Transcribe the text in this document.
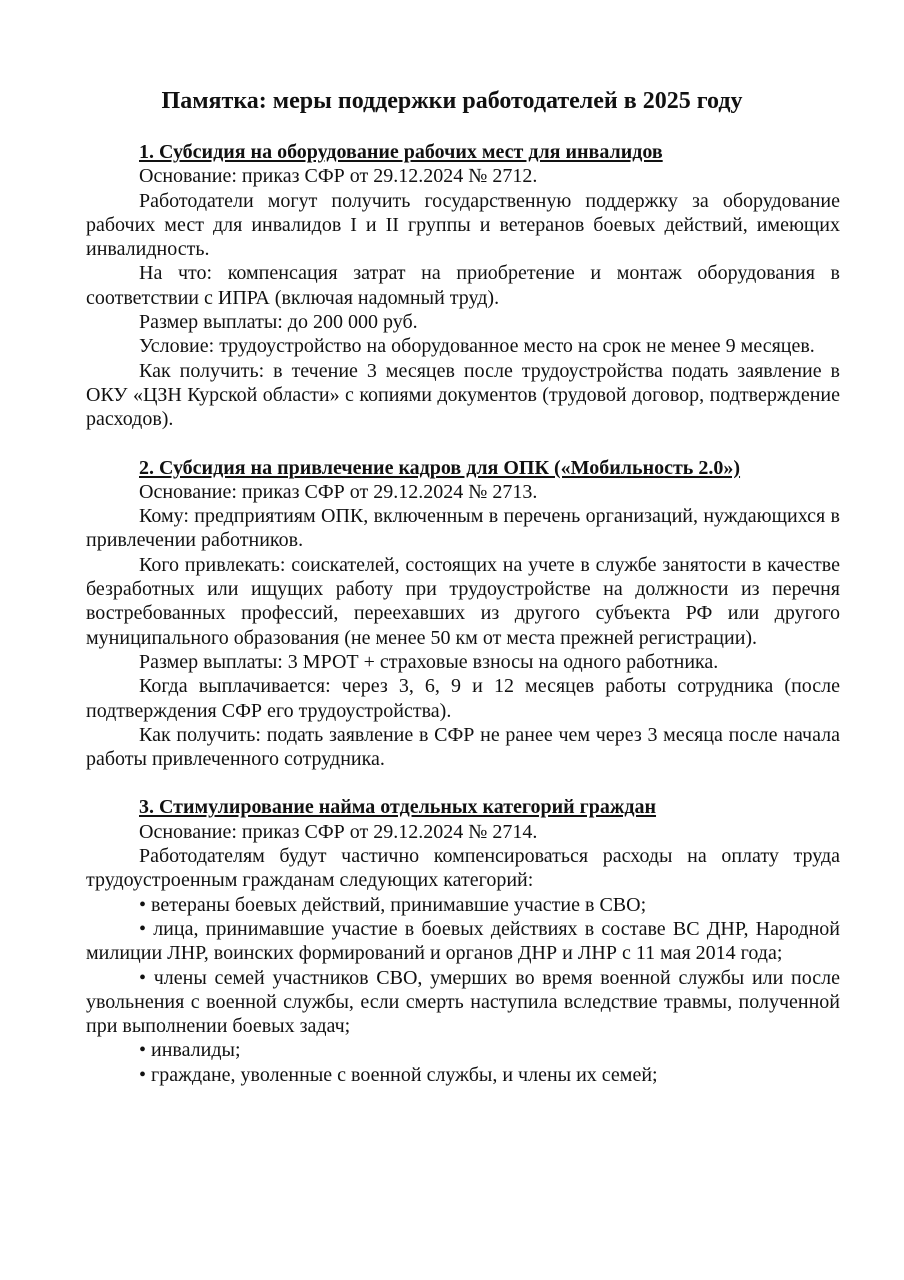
Памятка: меры поддержки работодателей в 2025 году

1. Субсидия на оборудование рабочих мест для инвалидов

Основание: приказ СФР от 29.12.2024 № 2712.

Работодатели могут получить государственную поддержку за оборудование рабочих мест для инвалидов I и II группы и ветеранов боевых действий, имеющих инвалидность.

На что: компенсация затрат на приобретение и монтаж оборудования в соответствии с ИПРА (включая надомный труд).

Размер выплаты: до 200 000 руб.

Условие: трудоустройство на оборудованное место на срок не менее 9 месяцев.

Как получить: в течение 3 месяцев после трудоустройства подать заявление в ОКУ «ЦЗН Курской области» с копиями документов (трудовой договор, подтверждение расходов).

2. Субсидия на привлечение кадров для ОПК («Мобильность 2.0»)

Основание: приказ СФР от 29.12.2024 № 2713.

Кому: предприятиям ОПК, включенным в перечень организаций, нуждающихся в привлечении работников.

Кого привлекать: соискателей, состоящих на учете в службе занятости в качестве безработных или ищущих работу при трудоустройстве на должности из перечня востребованных профессий, переехавших из другого субъекта РФ или другого муниципального образования (не менее 50 км от места прежней регистрации).

Размер выплаты: 3 МРОТ + страховые взносы на одного работника.

Когда выплачивается: через 3, 6, 9 и 12 месяцев работы сотрудника (после подтверждения СФР его трудоустройства).

Как получить: подать заявление в СФР не ранее чем через 3 месяца после начала работы привлеченного сотрудника.

3. Стимулирование найма отдельных категорий граждан

Основание: приказ СФР от 29.12.2024 № 2714.

Работодателям будут частично компенсироваться расходы на оплату труда трудоустроенным гражданам следующих категорий:

• ветераны боевых действий, принимавшие участие в СВО;

• лица, принимавшие участие в боевых действиях в составе ВС ДНР, Народной милиции ЛНР, воинских формирований и органов ДНР и ЛНР с 11 мая 2014 года;

• члены семей участников СВО, умерших во время военной службы или после увольнения с военной службы, если смерть наступила вследствие травмы, полученной при выполнении боевых задач;

• инвалиды;

• граждане, уволенные с военной службы, и члены их семей;
